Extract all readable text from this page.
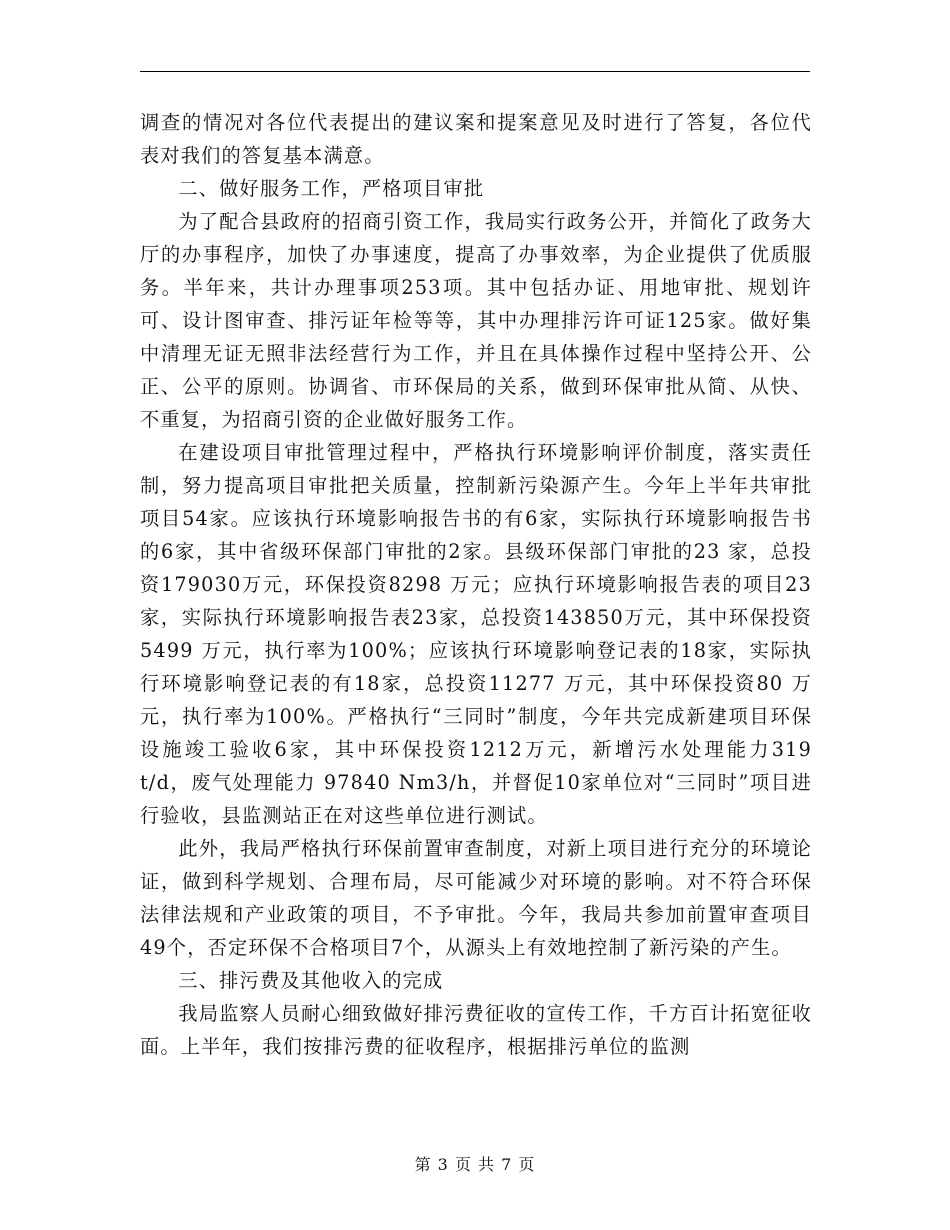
调查的情况对各位代表提出的建议案和提案意见及时进行了答复，各位代表对我们的答复基本满意。

二、做好服务工作，严格项目审批

为了配合县政府的招商引资工作，我局实行政务公开，并简化了政务大厅的办事程序，加快了办事速度，提高了办事效率，为企业提供了优质服务。半年来，共计办理事项253项。其中包括办证、用地审批、规划许可、设计图审查、排污证年检等等，其中办理排污许可证125家。做好集中清理无证无照非法经营行为工作，并且在具体操作过程中坚持公开、公正、公平的原则。协调省、市环保局的关系，做到环保审批从简、从快、不重复，为招商引资的企业做好服务工作。

在建设项目审批管理过程中，严格执行环境影响评价制度，落实责任制，努力提高项目审批把关质量，控制新污染源产生。今年上半年共审批项目54家。应该执行环境影响报告书的有6家，实际执行环境影响报告书的6家，其中省级环保部门审批的2家。县级环保部门审批的23 家，总投资179030万元，环保投资8298 万元；应执行环境影响报告表的项目23 家，实际执行环境影响报告表23家，总投资143850万元，其中环保投资 5499 万元，执行率为100%；应该执行环境影响登记表的18家，实际执行环境影响登记表的有18家，总投资11277 万元，其中环保投资80 万元，执行率为100%。严格执行“三同时”制度，今年共完成新建项目环保设施竣工验收6家，其中环保投资1212万元，新增污水处理能力319 t/d，废气处理能力 97840 Nm3/h，并督促10家单位对“三同时”项目进行验收，县监测站正在对这些单位进行测试。

此外，我局严格执行环保前置审查制度，对新上项目进行充分的环境论证，做到科学规划、合理布局，尽可能减少对环境的影响。对不符合环保法律法规和产业政策的项目，不予审批。今年，我局共参加前置审查项目49个，否定环保不合格项目7个，从源头上有效地控制了新污染的产生。

三、排污费及其他收入的完成

我局监察人员耐心细致做好排污费征收的宣传工作，千方百计拓宽征收面。上半年，我们按排污费的征收程序，根据排污单位的监测

第 3 页 共 7 页
